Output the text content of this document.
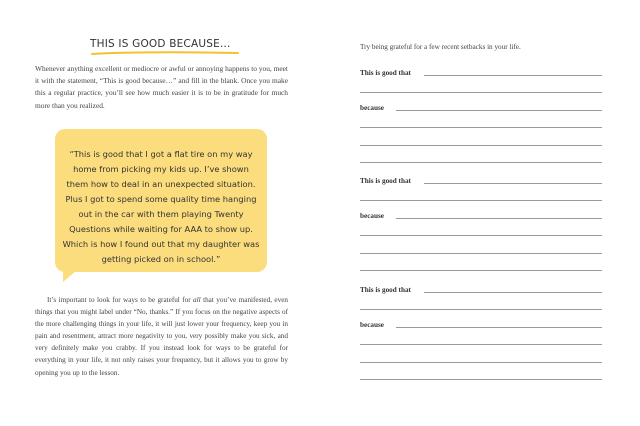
THIS IS GOOD BECAUSE…
Whenever anything excellent or mediocre or awful or annoying happens to you, meet it with the statement, “This is good because…” and fill in the blank. Once you make this a regular practice, you’ll see how much easier it is to be in gratitude for much more than you realized.
“This is good that I got a flat tire on my way home from picking my kids up. I’ve shown them how to deal in an unexpected situation. Plus I got to spend some quality time hanging out in the car with them playing Twenty Questions while waiting for AAA to show up. Which is how I found out that my daughter was getting picked on in school.”
It’s important to look for ways to be grateful for all that you’ve manifested, even things that you might label under “No, thanks.” If you focus on the negative aspects of the more challenging things in your life, it will just lower your frequency, keep you in pain and resentment, attract more negativity to you, very possibly make you sick, and very definitely make you crabby. If you instead look for ways to be grateful for everything in your life, it not only raises your frequency, but it allows you to grow by opening you up to the lesson.
Try being grateful for a few recent setbacks in your life.
This is good that
because
This is good that
because
This is good that
because
